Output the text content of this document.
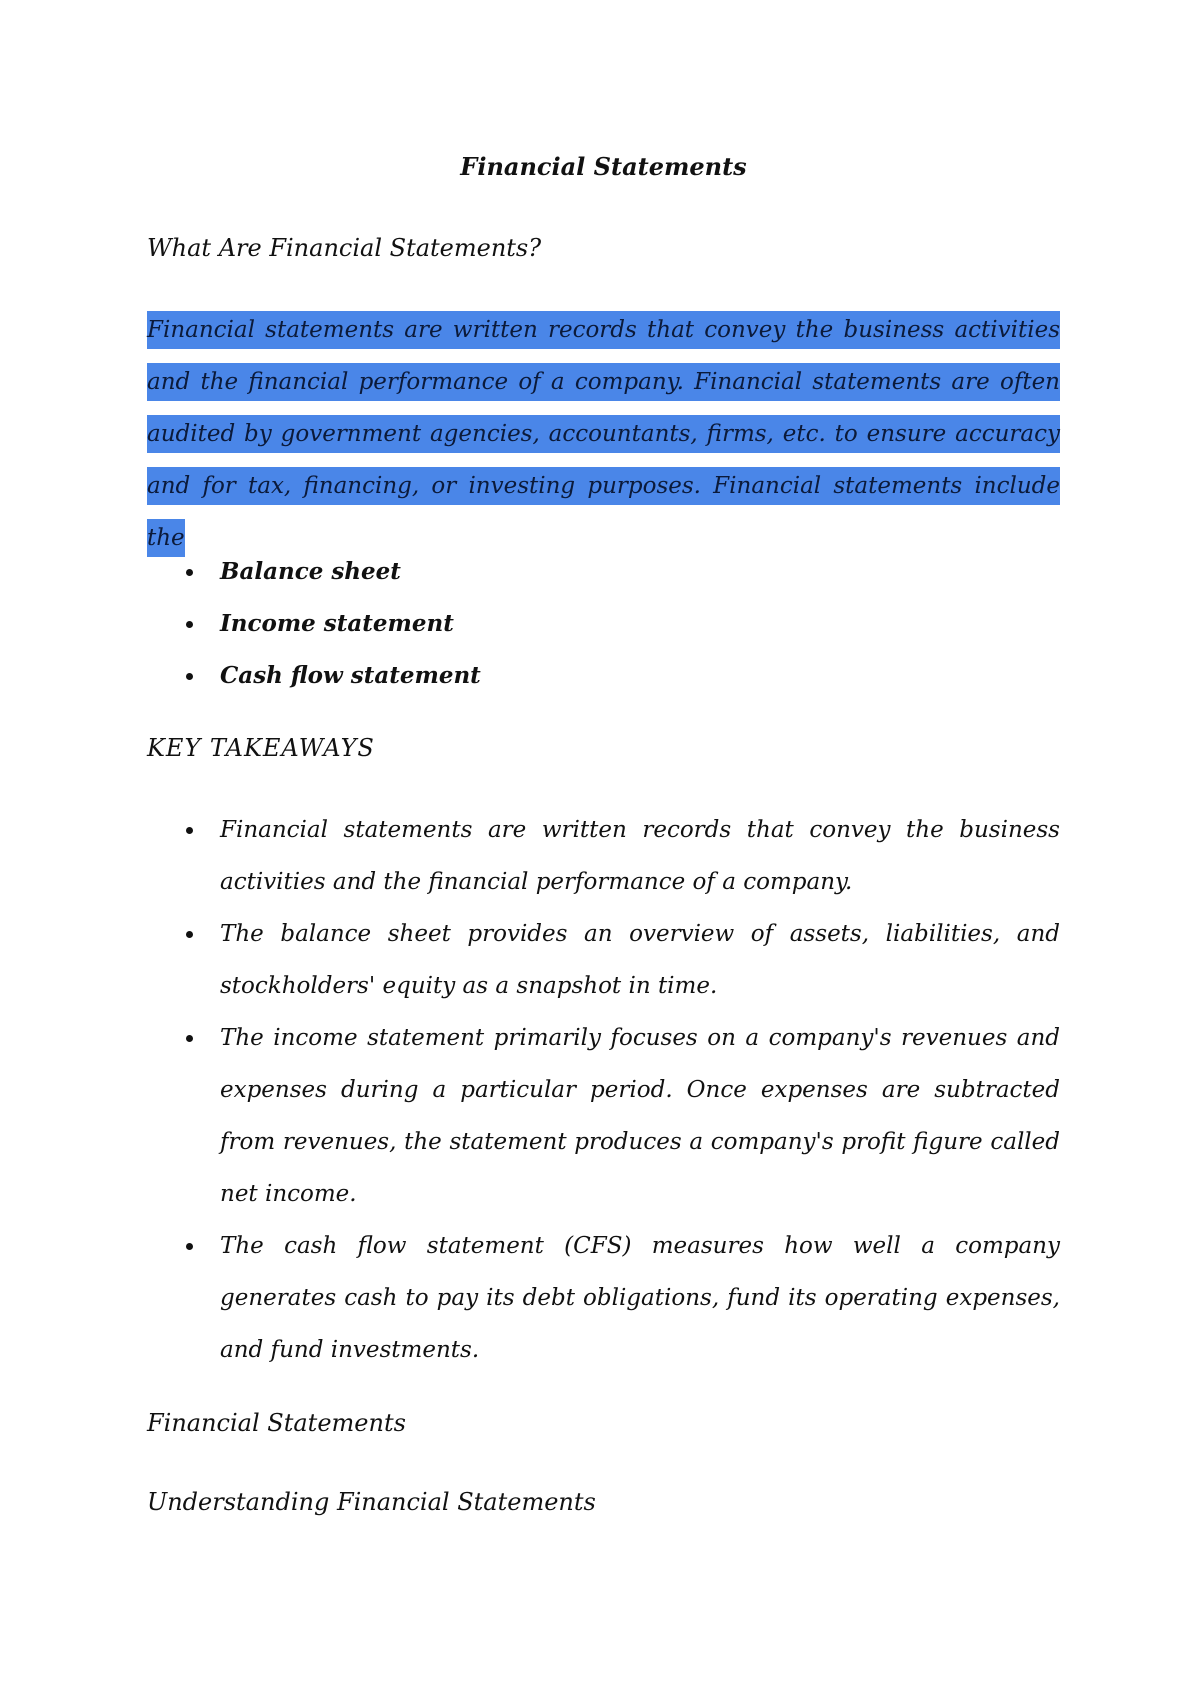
Financial Statements
What Are Financial Statements?

Financial statements are written records that convey the business activities and the financial performance of a company. Financial statements are often audited by government agencies, accountants, firms, etc. to ensure accuracy and for tax, financing, or investing purposes. Financial statements include the

Balance sheet
Income statement
Cash flow statement
KEY TAKEAWAYS
Financial statements are written records that convey the business activities and the financial performance of a company.
The balance sheet provides an overview of assets, liabilities, and stockholders' equity as a snapshot in time.
The income statement primarily focuses on a company's revenues and expenses during a particular period. Once expenses are subtracted from revenues, the statement produces a company's profit figure called net income.
The cash flow statement (CFS) measures how well a company generates cash to pay its debt obligations, fund its operating expenses, and fund investments.
Financial Statements
Understanding Financial Statements
